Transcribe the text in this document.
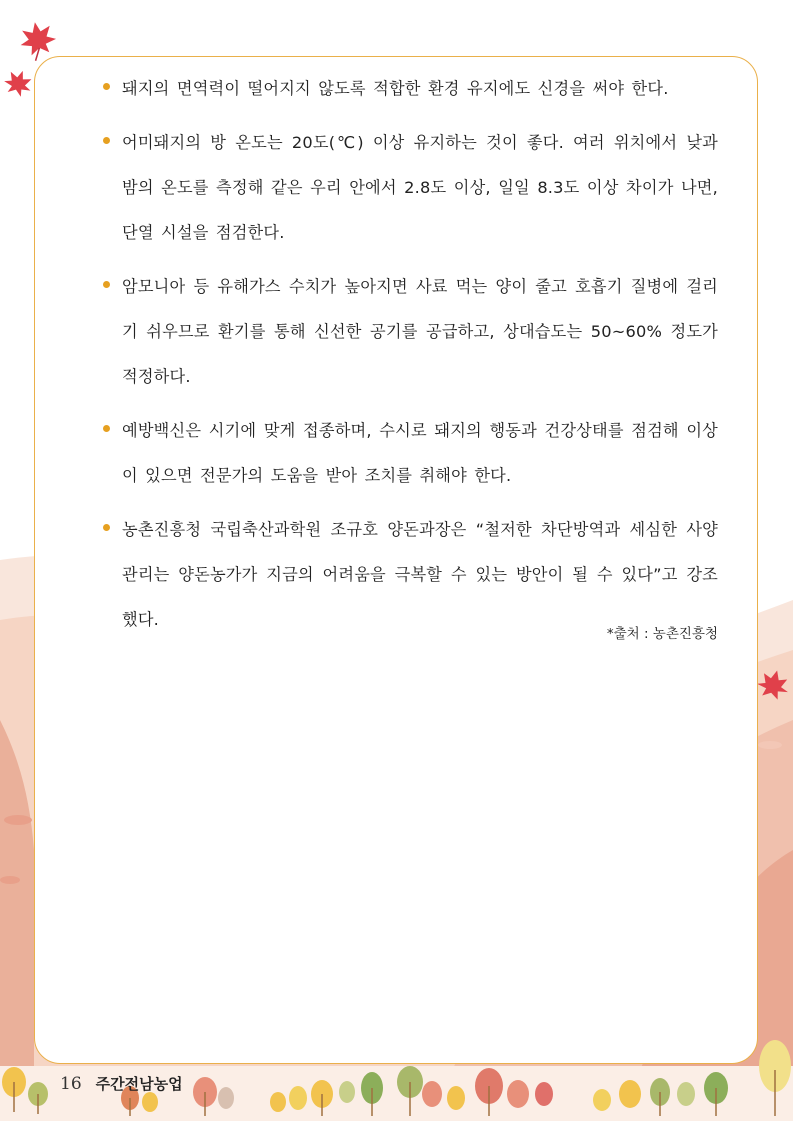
돼지의 면역력이 떨어지지 않도록 적합한 환경 유지에도 신경을 써야 한다.
어미돼지의 방 온도는 20도(℃) 이상 유지하는 것이 좋다. 여러 위치에서 낮과 밤의 온도를 측정해 같은 우리 안에서 2.8도 이상, 일일 8.3도 이상 차이가 나면, 단열 시설을 점검한다.
암모니아 등 유해가스 수치가 높아지면 사료 먹는 양이 줄고 호흡기 질병에 걸리기 쉬우므로 환기를 통해 신선한 공기를 공급하고, 상대습도는 50~60% 정도가 적정하다.
예방백신은 시기에 맞게 접종하며, 수시로 돼지의 행동과 건강상태를 점검해 이상이 있으면 전문가의 도움을 받아 조치를 취해야 한다.
농촌진흥청 국립축산과학원 조규호 양돈과장은 “철저한 차단방역과 세심한 사양관리는 양돈농가가 지금의 어려움을 극복할 수 있는 방안이 될 수 있다”고 강조했다.
*출처 : 농촌진흥청
16 주간전남농업
